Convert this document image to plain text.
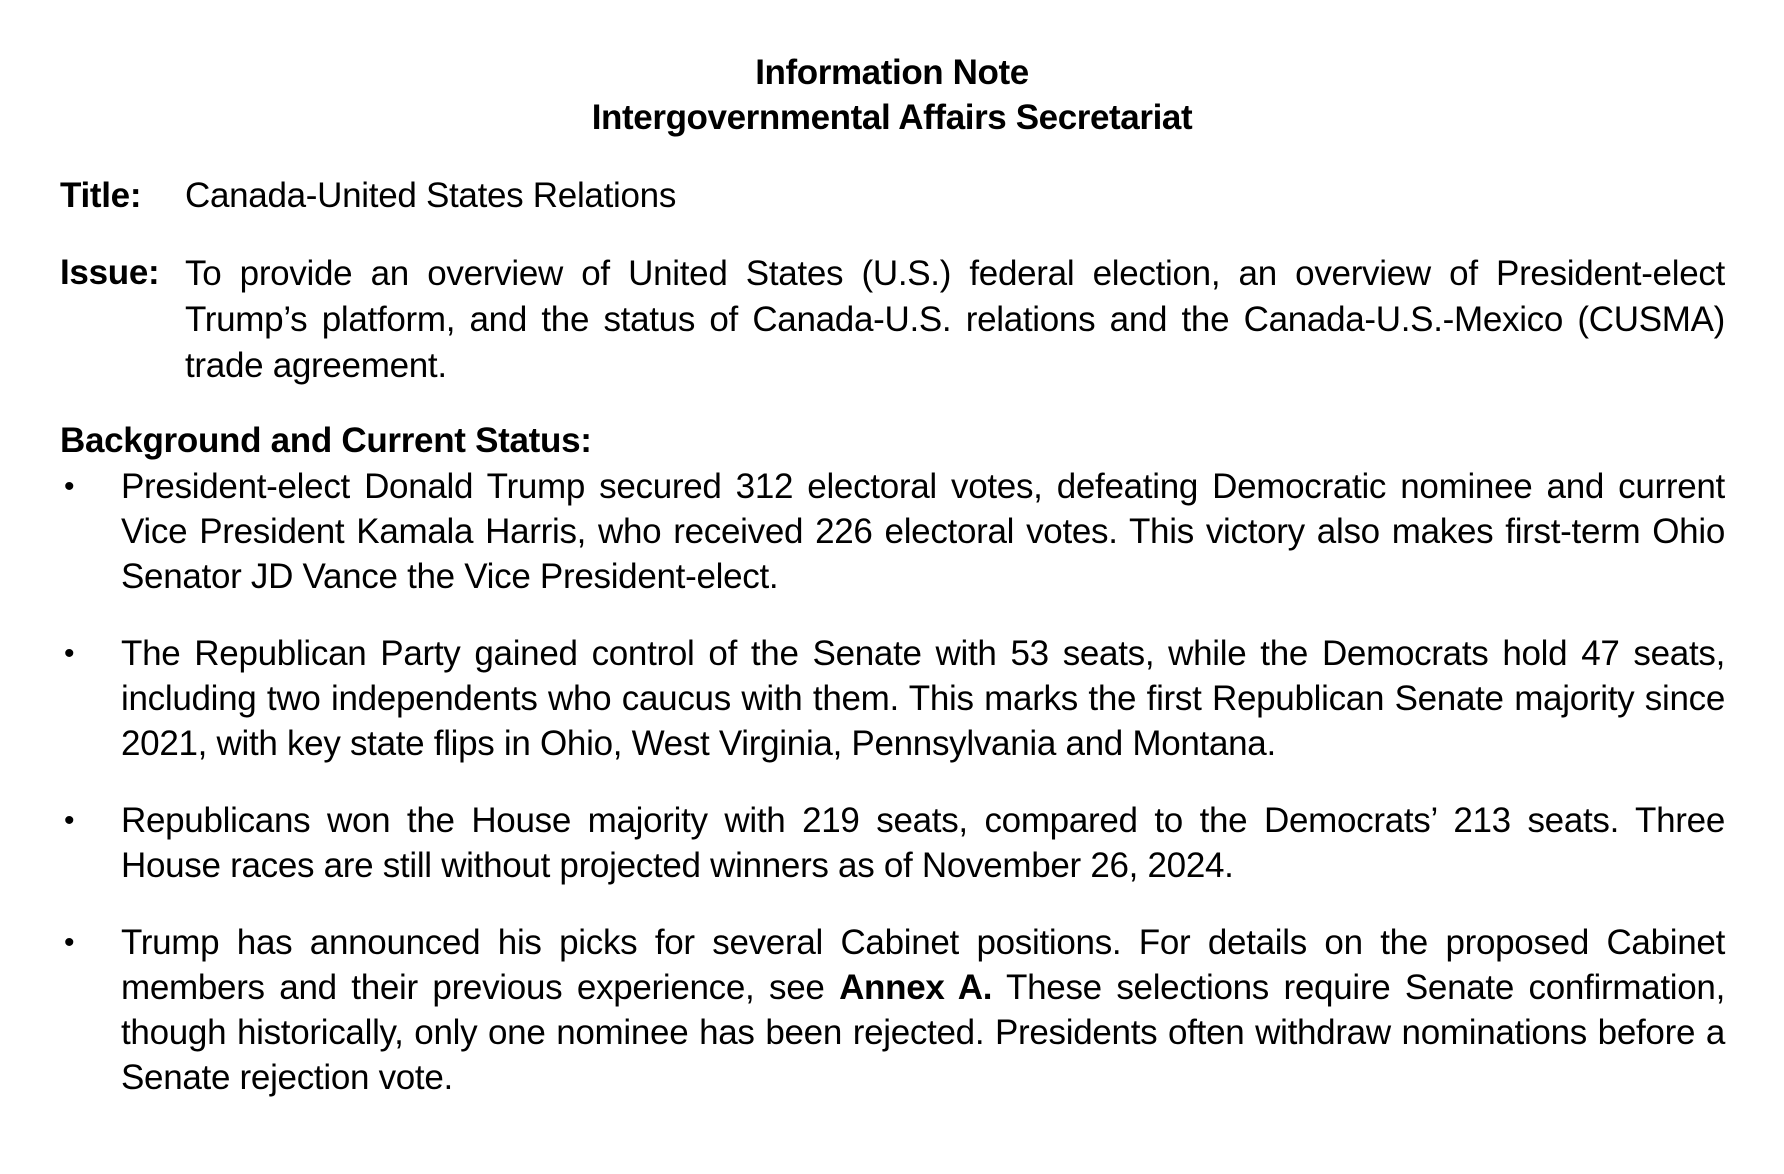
Information Note
Intergovernmental Affairs Secretariat
Title: Canada-United States Relations
Issue: To provide an overview of United States (U.S.) federal election, an overview of President-elect Trump’s platform, and the status of Canada-U.S. relations and the Canada-U.S.-Mexico (CUSMA) trade agreement.
Background and Current Status:
•	President-elect Donald Trump secured 312 electoral votes, defeating Democratic nominee and current Vice President Kamala Harris, who received 226 electoral votes. This victory also makes first-term Ohio Senator JD Vance the Vice President-elect.
•	The Republican Party gained control of the Senate with 53 seats, while the Democrats hold 47 seats, including two independents who caucus with them. This marks the first Republican Senate majority since 2021, with key state flips in Ohio, West Virginia, Pennsylvania and Montana.
•	Republicans won the House majority with 219 seats, compared to the Democrats’ 213 seats. Three House races are still without projected winners as of November 26, 2024.
•	Trump has announced his picks for several Cabinet positions. For details on the proposed Cabinet members and their previous experience, see Annex A. These selections require Senate confirmation, though historically, only one nominee has been rejected. Presidents often withdraw nominations before a Senate rejection vote.
